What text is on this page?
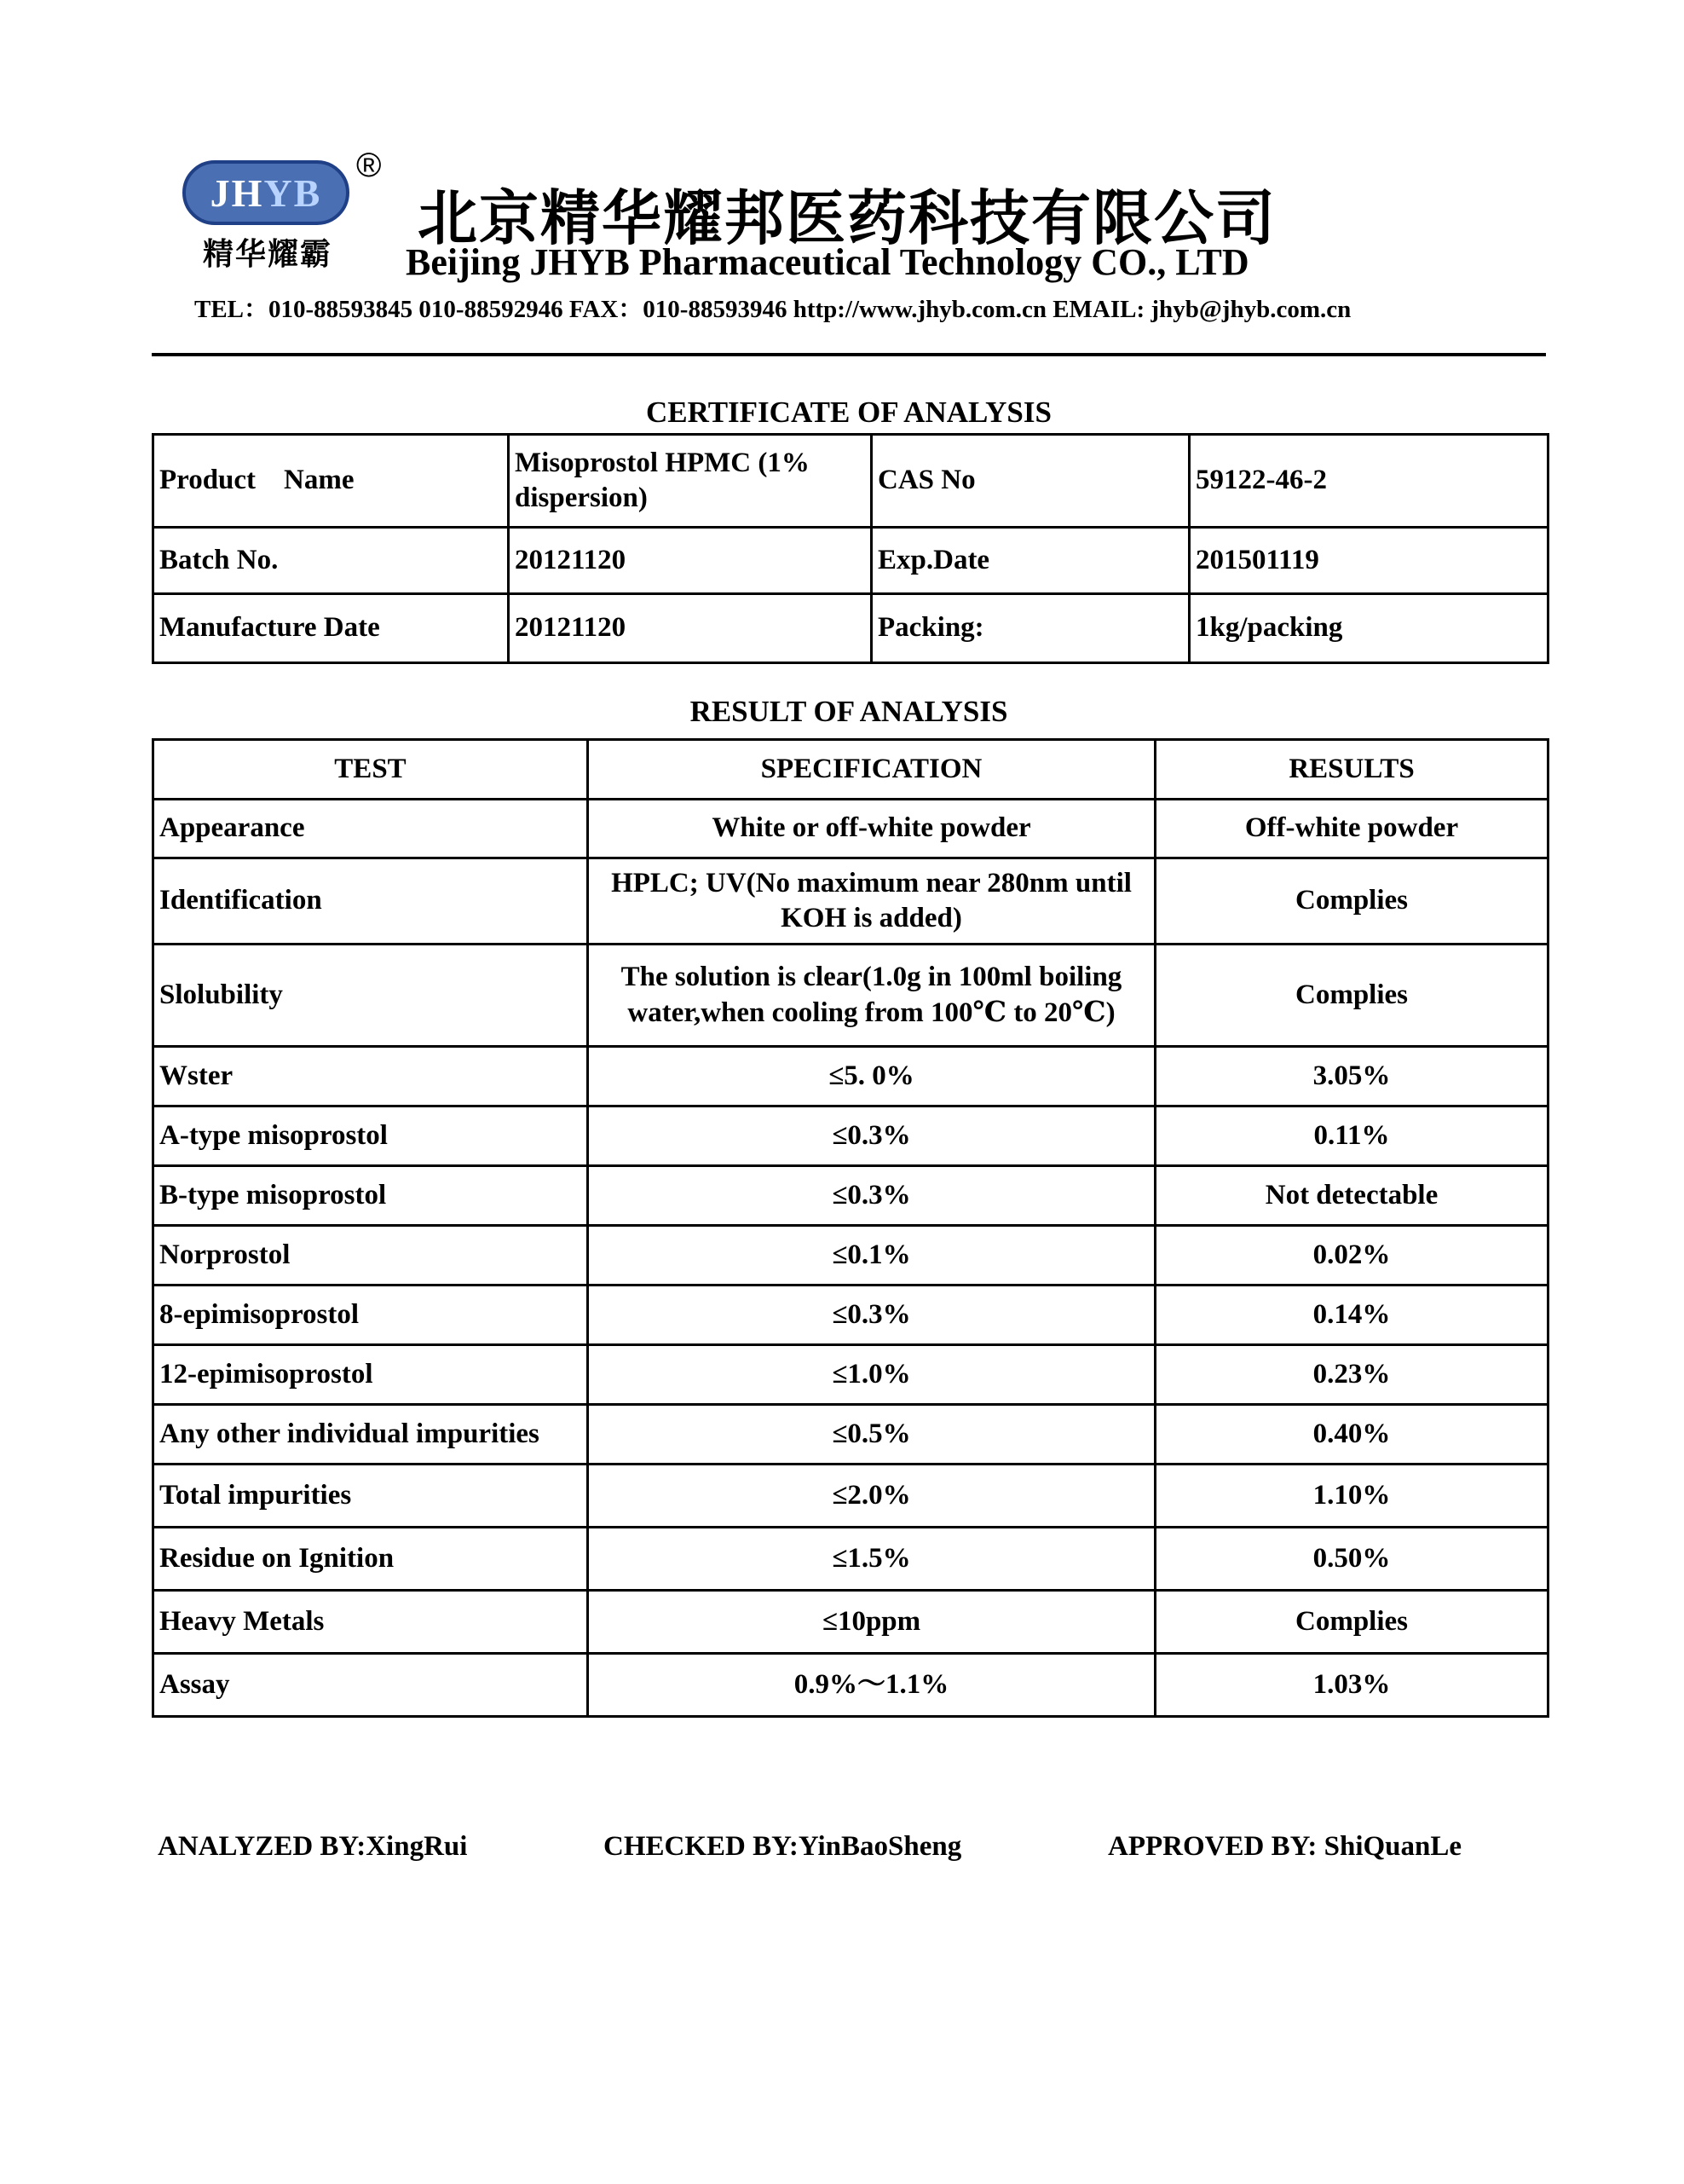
JH YB
®
精华耀霸
北京精华耀邦医药科技有限公司
Beijing JHYB Pharmaceutical Technology CO., LTD
TEL：010-88593845 010-88592946 FAX：010-88593946 http://www.jhyb.com.cn EMAIL: jhyb@jhyb.com.cn
CERTIFICATE OF ANALYSIS
Product　Name	Misoprostol HPMC (1% dispersion)	CAS No	59122-46-2
Batch No.	20121120	Exp.Date	201501119
Manufacture Date	20121120	Packing:	1kg/packing
RESULT OF ANALYSIS
TEST	SPECIFICATION	RESULTS
Appearance	White or off-white powder	Off-white powder
Identification	HPLC; UV(No maximum near 280nm until KOH is added)	Complies
Slolubility	The solution is clear(1.0g in 100ml boiling water,when cooling from 100℃ to 20℃)	Complies
Wster	≤5. 0%	3.05%
A-type misoprostol	≤0.3%	0.11%
B-type misoprostol	≤0.3%	Not detectable
Norprostol	≤0.1%	0.02%
8-epimisoprostol	≤0.3%	0.14%
12-epimisoprostol	≤1.0%	0.23%
Any other individual impurities	≤0.5%	0.40%
Total impurities	≤2.0%	1.10%
Residue on Ignition	≤1.5%	0.50%
Heavy Metals	≤10ppm	Complies
Assay	0.9%～1.1%	1.03%
ANALYZED BY:XingRui	CHECKED BY:YinBaoSheng	APPROVED BY: ShiQuanLe
